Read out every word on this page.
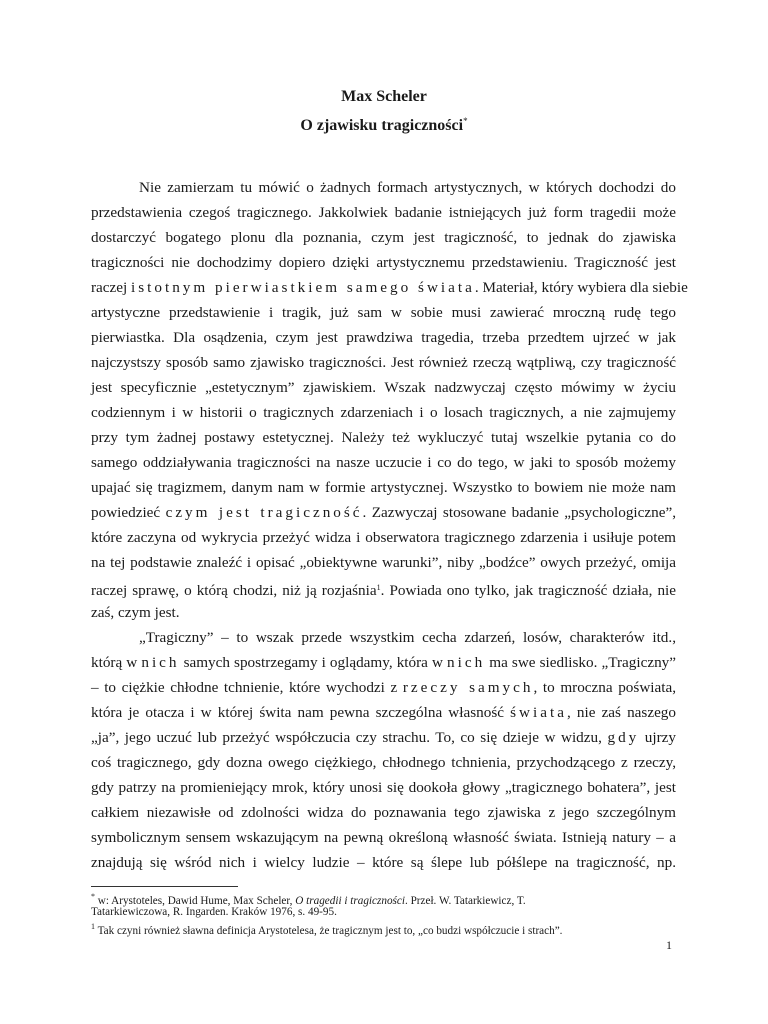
Max Scheler
O zjawisku tragiczności*
Nie zamierzam tu mówić o żadnych formach artystycznych, w których dochodzi do
przedstawienia czegoś tragicznego. Jakkolwiek badanie istniejących już form tragedii może
dostarczyć bogatego plonu dla poznania, czym jest tragiczność, to jednak do zjawiska
tragiczności nie dochodzimy dopiero dzięki artystycznemu przedstawieniu. Tragiczność jest
raczej istotnym pierwiastkiem samego świata. Materiał, który wybiera dla siebie
artystyczne przedstawienie i tragik, już sam w sobie musi zawierać mroczną rudę tego
pierwiastka. Dla osądzenia, czym jest prawdziwa tragedia, trzeba przedtem ujrzeć w jak
najczystszy sposób samo zjawisko tragiczności. Jest również rzeczą wątpliwą, czy tragiczność
jest specyficznie „estetycznym” zjawiskiem. Wszak nadzwyczaj często mówimy w życiu
codziennym i w historii o tragicznych zdarzeniach i o losach tragicznych, a nie zajmujemy
przy tym żadnej postawy estetycznej. Należy też wykluczyć tutaj wszelkie pytania co do
samego oddziaływania tragiczności na nasze uczucie i co do tego, w jaki to sposób możemy
upajać się tragizmem, danym nam w formie artystycznej. Wszystko to bowiem nie może nam
powiedzieć czym jest tragiczność. Zazwyczaj stosowane badanie „psychologiczne”,
które zaczyna od wykrycia przeżyć widza i obserwatora tragicznego zdarzenia i usiłuje potem
na tej podstawie znaleźć i opisać „obiektywne warunki”, niby „bodźce” owych przeżyć, omija
raczej sprawę, o którą chodzi, niż ją rozjaśnia$^1$. Powiada ono tylko, jak tragiczność działa, nie
zaś, czym jest.
„Tragiczny” – to wszak przede wszystkim cecha zdarzeń, losów, charakterów itd.,
którą w nich samych spostrzegamy i oglądamy, która w nich ma swe siedlisko. „Tragiczny”
– to ciężkie chłodne tchnienie, które wychodzi z rzeczy samych, to mroczna poświata,
która je otacza i w której świta nam pewna szczególna własność świata, nie zaś naszego
„ja”, jego uczuć lub przeżyć współczucia czy strachu. To, co się dzieje w widzu, gdy ujrzy
coś tragicznego, gdy dozna owego ciężkiego, chłodnego tchnienia, przychodzącego z rzeczy,
gdy patrzy na promieniejący mrok, który unosi się dookoła głowy „tragicznego bohatera”, jest
całkiem niezawisłe od zdolności widza do poznawania tego zjawiska z jego szczególnym
symbolicznym sensem wskazującym na pewną określoną własność świata. Istnieją natury – a
znajdują się wśród nich i wielcy ludzie – które są ślepe lub półślepe na tragiczność, np.
* w: Arystoteles, Dawid Hume, Max Scheler, O tragedii i tragiczności. Przeł. W. Tatarkiewicz, T.
Tatarkiewiczowa, R. Ingarden. Kraków 1976, s. 49-95.
$^1$ Tak czyni również sławna definicja Arystotelesa, że tragicznym jest to, „co budzi współczucie i strach”.
1
